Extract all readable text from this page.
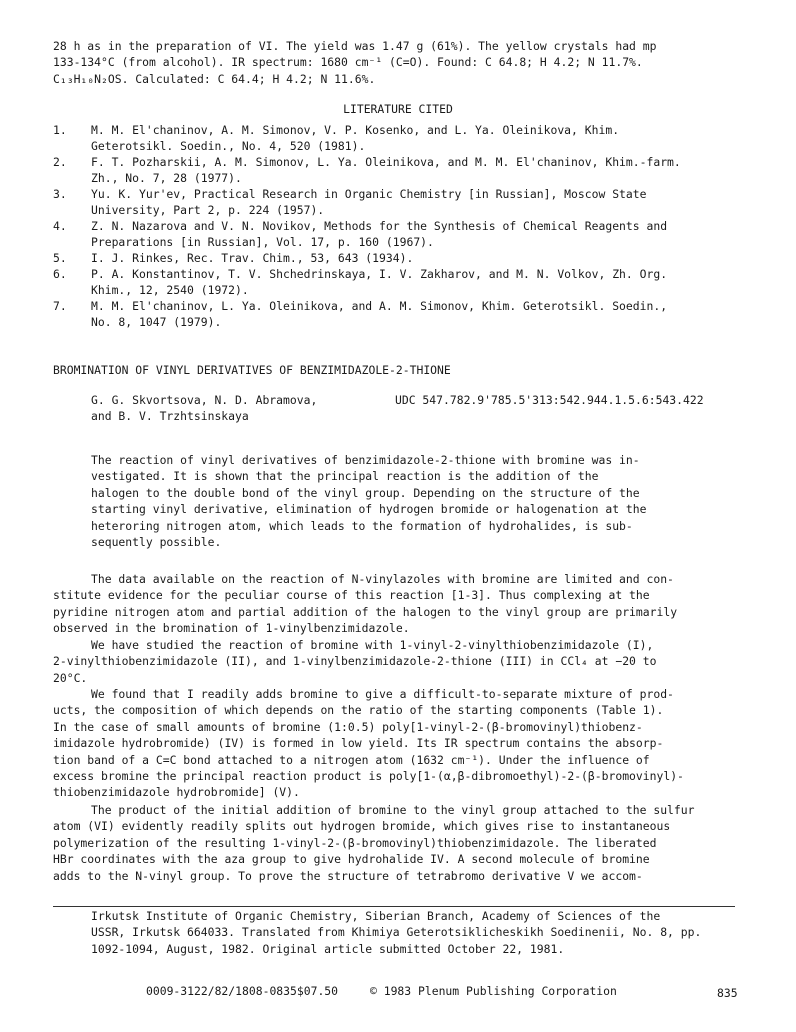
28 h as in the preparation of VI. The yield was 1.47 g (61%). The yellow crystals had mp
133-134°C (from alcohol). IR spectrum: 1680 cm⁻¹ (C=O). Found: C 64.8; H 4.2; N 11.7%.
C₁₃H₁₀N₂OS. Calculated: C 64.4; H 4.2; N 11.6%.

LITERATURE CITED
1.	M. M. El'chaninov, A. M. Simonov, V. P. Kosenko, and L. Ya. Oleinikova, Khim.
Geterotsikl. Soedin., No. 4, 520 (1981).
2.	F. T. Pozharskii, A. M. Simonov, L. Ya. Oleinikova, and M. M. El'chaninov, Khim.-farm.
Zh., No. 7, 28 (1977).
3.	Yu. K. Yur'ev, Practical Research in Organic Chemistry [in Russian], Moscow State
University, Part 2, p. 224 (1957).
4.	Z. N. Nazarova and V. N. Novikov, Methods for the Synthesis of Chemical Reagents and
Preparations [in Russian], Vol. 17, p. 160 (1967).
5.	I. J. Rinkes, Rec. Trav. Chim., 53, 643 (1934).
6.	P. A. Konstantinov, T. V. Shchedrinskaya, I. V. Zakharov, and M. N. Volkov, Zh. Org.
Khim., 12, 2540 (1972).
7.	M. M. El'chaninov, L. Ya. Oleinikova, and A. M. Simonov, Khim. Geterotsikl. Soedin.,
No. 8, 1047 (1979).
BROMINATION OF VINYL DERIVATIVES OF BENZIMIDAZOLE-2-THIONE
G. G. Skvortsova, N. D. Abramova,
and B. V. Trzhtsinskaya
UDC 547.782.9'785.5'313:542.944.1.5.6:543.422

The reaction of vinyl derivatives of benzimidazole-2-thione with bromine was in-
vestigated. It is shown that the principal reaction is the addition of the
halogen to the double bond of the vinyl group. Depending on the structure of the
starting vinyl derivative, elimination of hydrogen bromide or halogenation at the
heteroring nitrogen atom, which leads to the formation of hydrohalides, is sub-
sequently possible.

The data available on the reaction of N-vinylazoles with bromine are limited and con-
stitute evidence for the peculiar course of this reaction [1-3]. Thus complexing at the
pyridine nitrogen atom and partial addition of the halogen to the vinyl group are primarily
observed in the bromination of 1-vinylbenzimidazole.

We have studied the reaction of bromine with 1-vinyl-2-vinylthiobenzimidazole (I),
2-vinylthiobenzimidazole (II), and 1-vinylbenzimidazole-2-thione (III) in CCl₄ at −20 to
20°C.

We found that I readily adds bromine to give a difficult-to-separate mixture of prod-
ucts, the composition of which depends on the ratio of the starting components (Table 1).
In the case of small amounts of bromine (1:0.5) poly[1-vinyl-2-(β-bromovinyl)thiobenz-
imidazole hydrobromide) (IV) is formed in low yield. Its IR spectrum contains the absorp-
tion band of a C=C bond attached to a nitrogen atom (1632 cm⁻¹). Under the influence of
excess bromine the principal reaction product is poly[1-(α,β-dibromoethyl)-2-(β-bromovinyl)-
thiobenzimidazole hydrobromide] (V).

The product of the initial addition of bromine to the vinyl group attached to the sulfur
atom (VI) evidently readily splits out hydrogen bromide, which gives rise to instantaneous
polymerization of the resulting 1-vinyl-2-(β-bromovinyl)thiobenzimidazole. The liberated
HBr coordinates with the aza group to give hydrohalide IV. A second molecule of bromine
adds to the N-vinyl group. To prove the structure of tetrabromo derivative V we accom-

Irkutsk Institute of Organic Chemistry, Siberian Branch, Academy of Sciences of the
USSR, Irkutsk 664033. Translated from Khimiya Geterotsiklicheskikh Soedinenii, No. 8, pp.
1092-1094, August, 1982. Original article submitted October 22, 1981.

0009-3122/82/1808-0835$07.50	© 1983 Plenum Publishing Corporation	835
